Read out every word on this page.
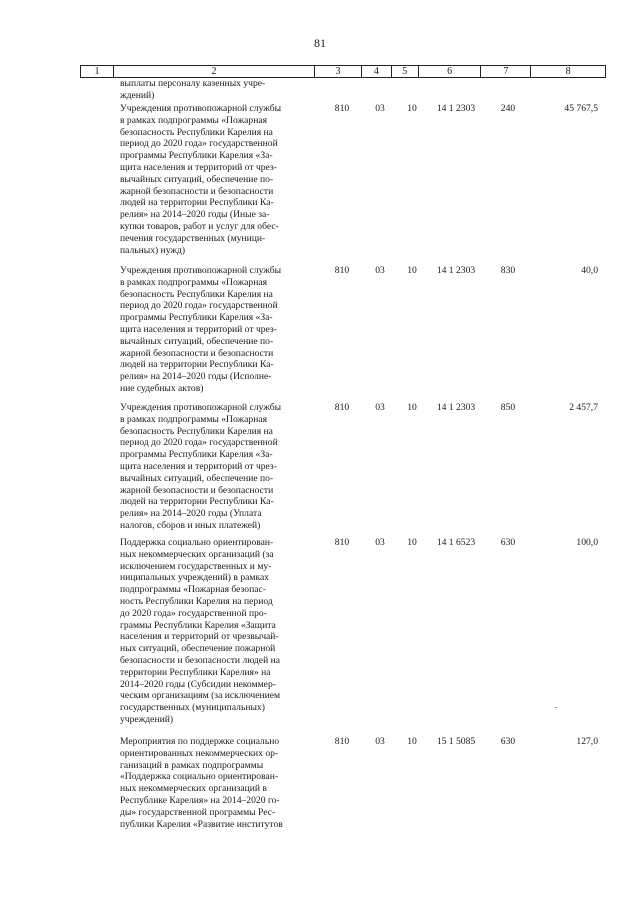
81
1	2	3	4	5	6	7	8
выплаты персоналу казенных учре-
ждений)
Учреждения противопожарной службы
в рамках подпрограммы «Пожарная
безопасность Республики Карелия на
период до 2020 года» государственной
программы Республики Карелия «За-
щита населения и территорий от чрез-
вычайных ситуаций, обеспечение по-
жарной безопасности и безопасности
людей на территории Республики Ка-
релия» на 2014–2020 годы (Иные за-
купки товаров, работ и услуг для обес-
печения государственных (муници-
пальных) нужд)
810	03	10	14 1 2303	240	45 767,5
Учреждения противопожарной службы
в рамках подпрограммы «Пожарная
безопасность Республики Карелия на
период до 2020 года» государственной
программы Республики Карелия «За-
щита населения и территорий от чрез-
вычайных ситуаций, обеспечение по-
жарной безопасности и безопасности
людей на территории Республики Ка-
релия» на 2014–2020 годы (Исполне-
ние судебных актов)
810	03	10	14 1 2303	830	40,0
Учреждения противопожарной службы
в рамках подпрограммы «Пожарная
безопасность Республики Карелия на
период до 2020 года» государственной
программы Республики Карелия «За-
щита населения и территорий от чрез-
вычайных ситуаций, обеспечение по-
жарной безопасности и безопасности
людей на территории Республики Ка-
релия» на 2014–2020 годы (Уплата
налогов, сборов и иных платежей)
810	03	10	14 1 2303	850	2 457,7
Поддержка социально ориентирован-
ных некоммерческих организаций (за
исключением государственных и му-
ниципальных учреждений) в рамках
подпрограммы «Пожарная безопас-
ность Республики Карелия на период
до 2020 года» государственной про-
граммы Республики Карелия «Защита
населения и территорий от чрезвычай-
ных ситуаций, обеспечение пожарной
безопасности и безопасности людей на
территории Республики Карелия» на
2014–2020 годы (Субсидии некоммер-
ческим организациям (за исключением
государственных (муниципальных)
учреждений)
810	03	10	14 1 6523	630	100,0
Мероприятия по поддержке социально
ориентированных некоммерческих ор-
ганизаций в рамках подпрограммы
«Поддержка социально ориентирован-
ных некоммерческих организаций в
Республике Карелия» на 2014–2020 го-
ды» государственной программы Рес-
публики Карелия «Развитие институтов
810	03	10	15 1 5085	630	127,0
